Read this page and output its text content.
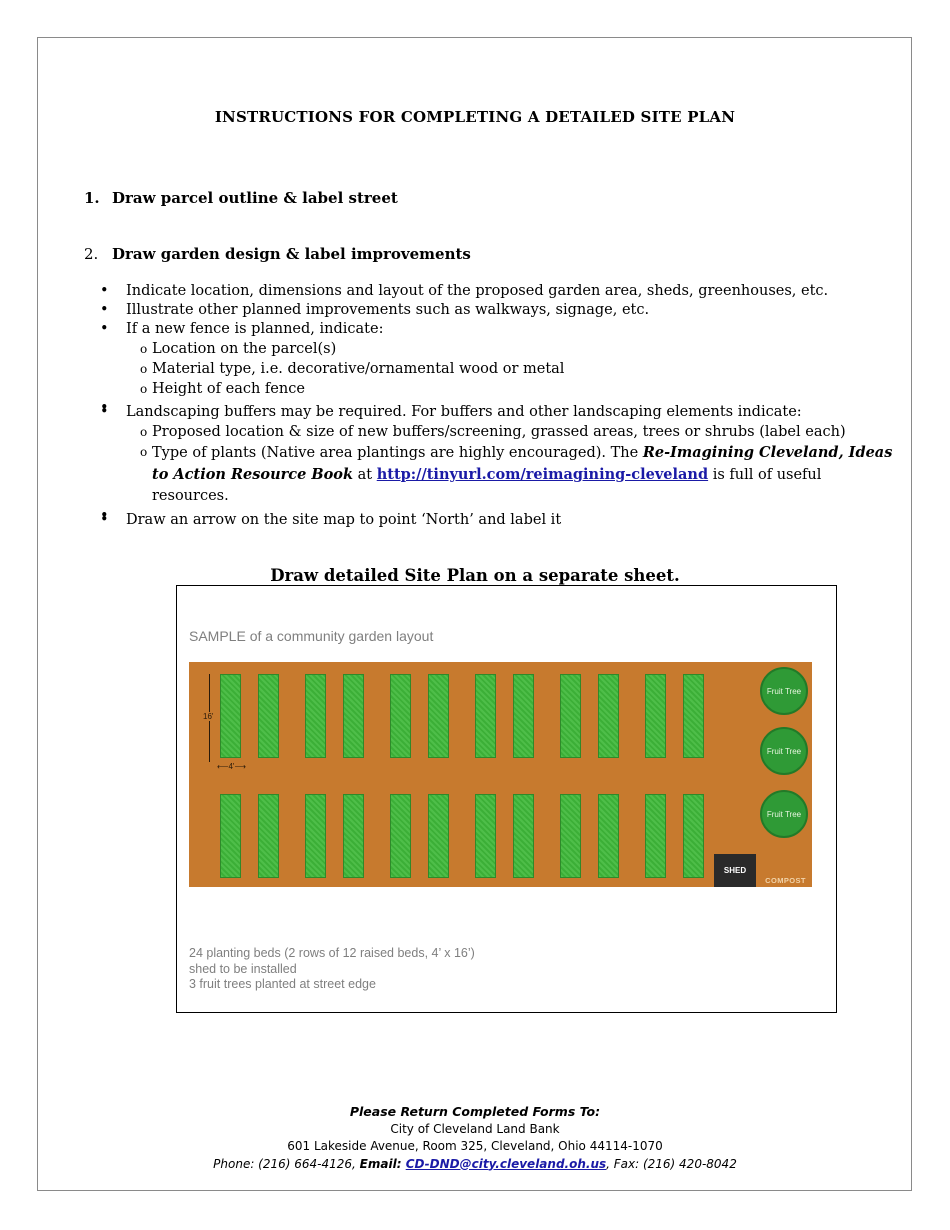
INSTRUCTIONS FOR COMPLETING A DETAILED SITE PLAN
1. Draw parcel outline & label street
2. Draw garden design & label improvements
• Indicate location, dimensions and layout of the proposed garden area, sheds, greenhouses, etc.
• Illustrate other planned improvements such as walkways, signage, etc.
• If a new fence is planned, indicate:
o Location on the parcel(s)
o Material type, i.e. decorative/ornamental wood or metal
o Height of each fence
•
• Landscaping buffers may be required. For buffers and other landscaping elements indicate:
o Proposed location & size of new buffers/screening, grassed areas, trees or shrubs (label each)
o Type of plants (Native area plantings are highly encouraged). The Re-Imagining Cleveland, Ideas to Action Resource Book at http://tinyurl.com/reimagining-cleveland is full of useful resources.
•
• Draw an arrow on the site map to point ‘North’ and label it
Draw detailed Site Plan on a separate sheet.
SAMPLE of a community garden layout
16'
⟵4'⟶
Fruit Tree
Fruit Tree
Fruit Tree
SHED
COMPOST
24 planting beds (2 rows of 12 raised beds, 4’ x 16’)
shed to be installed
3 fruit trees planted at street edge
Please Return Completed Forms To:
City of Cleveland Land Bank
601 Lakeside Avenue, Room 325, Cleveland, Ohio 44114-1070
Phone: (216) 664-4126, Email: CD-DND@city.cleveland.oh.us, Fax: (216) 420-8042
